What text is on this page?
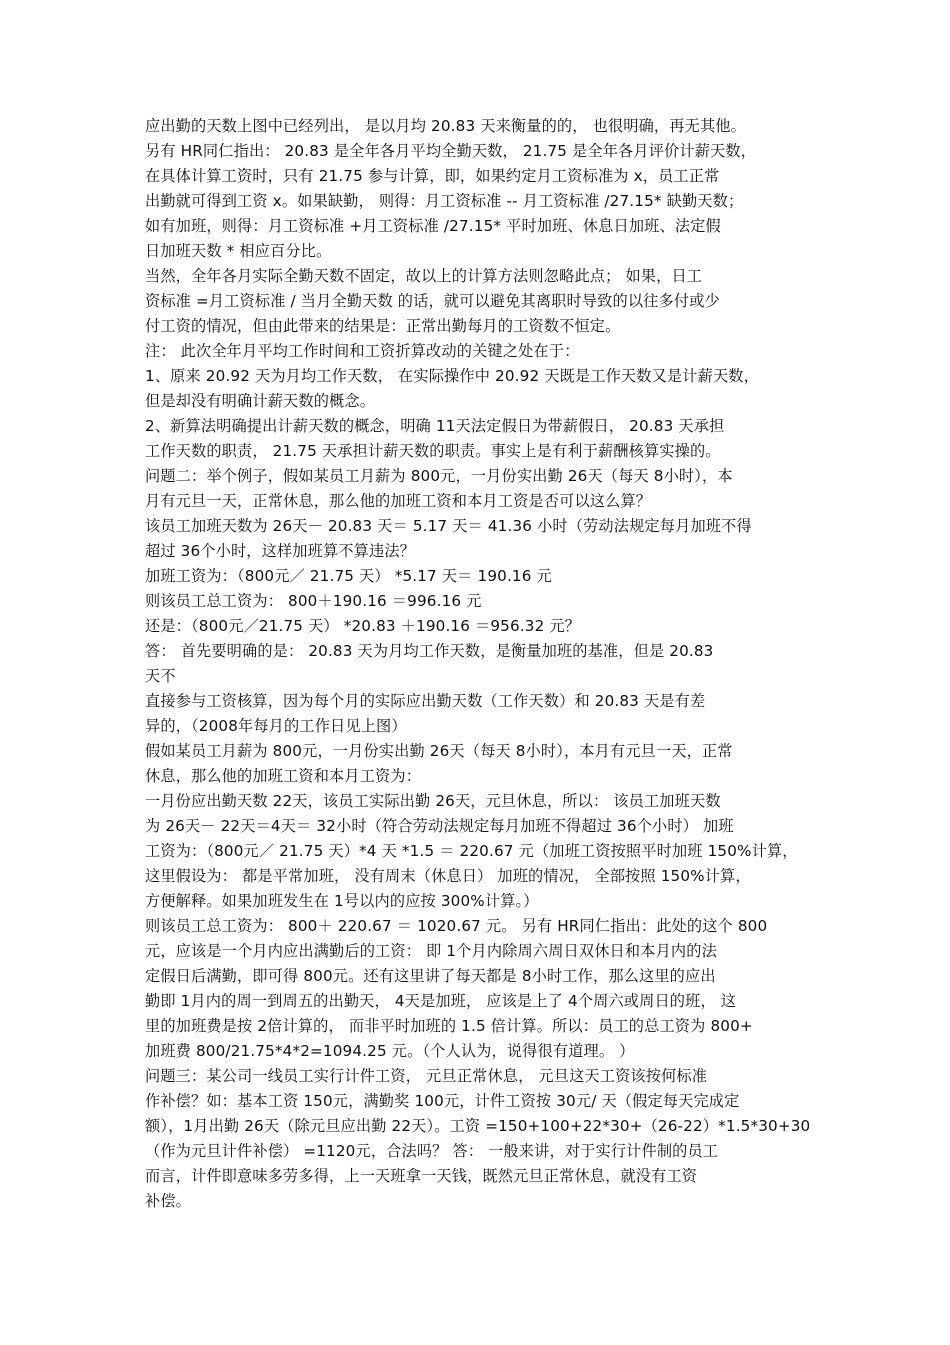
应出勤的天数上图中已经列出， 是以月均 20.83 天来衡量的的， 也很明确，再无其他。
另有 HR同仁指出： 20.83 是全年各月平均全勤天数， 21.75 是全年各月评价计薪天数，
在具体计算工资时，只有 21.75 参与计算，即，如果约定月工资标准为 x，员工正常
出勤就可得到工资 x。如果缺勤， 则得：月工资标准 -- 月工资标准 /27.15* 缺勤天数；
如有加班，则得：月工资标准 +月工资标准 /27.15* 平时加班、休息日加班、法定假
日加班天数 * 相应百分比。
当然，全年各月实际全勤天数不固定，故以上的计算方法则忽略此点； 如果，日工
资标准 =月工资标准 / 当月全勤天数 的话，就可以避免其离职时导致的以往多付或少
付工资的情况，但由此带来的结果是：正常出勤每月的工资数不恒定。
注： 此次全年月平均工作时间和工资折算改动的关键之处在于：
1、原来 20.92 天为月均工作天数， 在实际操作中 20.92 天既是工作天数又是计薪天数，
但是却没有明确计薪天数的概念。
2、新算法明确提出计薪天数的概念，明确 11天法定假日为带薪假日， 20.83 天承担
工作天数的职责， 21.75 天承担计薪天数的职责。事实上是有利于薪酬核算实操的。
问题二：举个例子，假如某员工月薪为 800元，一月份实出勤 26天（每天 8小时），本
月有元旦一天，正常休息，那么他的加班工资和本月工资是否可以这么算？
该员工加班天数为 26天－ 20.83 天＝ 5.17 天＝ 41.36 小时（劳动法规定每月加班不得
超过 36个小时，这样加班算不算违法？
加班工资为：（800元／ 21.75 天） *5.17 天＝ 190.16 元
则该员工总工资为： 800＋190.16 ＝996.16 元
还是：（800元／21.75 天） *20.83 ＋190.16 ＝956.32 元？
答： 首先要明确的是： 20.83 天为月均工作天数，是衡量加班的基准，但是 20.83
天不
直接参与工资核算，因为每个月的实际应出勤天数（工作天数）和 20.83 天是有差
异的，（2008年每月的工作日见上图）
假如某员工月薪为 800元，一月份实出勤 26天（每天 8小时），本月有元旦一天，正常
休息，那么他的加班工资和本月工资为：
一月份应出勤天数 22天，该员工实际出勤 26天，元旦休息，所以： 该员工加班天数
为 26天－ 22天＝4天＝ 32小时（符合劳动法规定每月加班不得超过 36个小时） 加班
工资为：（800元／ 21.75 天）*4 天 *1.5 ＝ 220.67 元（加班工资按照平时加班 150%计算，
这里假设为： 都是平常加班， 没有周末（休息日） 加班的情况， 全部按照 150%计算，
方便解释。如果加班发生在 1号以内的应按 300%计算。）
则该员工总工资为： 800＋ 220.67 ＝ 1020.67 元。 另有 HR同仁指出：此处的这个 800
元，应该是一个月内应出满勤后的工资： 即 1个月内除周六周日双休日和本月内的法
定假日后满勤，即可得 800元。还有这里讲了每天都是 8小时工作，那么这里的应出
勤即 1月内的周一到周五的出勤天， 4天是加班， 应该是上了 4个周六或周日的班， 这
里的加班费是按 2倍计算的， 而非平时加班的 1.5 倍计算。所以：员工的总工资为 800+
加班费 800/21.75*4*2=1094.25 元。（个人认为，说得很有道理。 ）
问题三：某公司一线员工实行计件工资， 元旦正常休息， 元旦这天工资该按何标准
作补偿？如：基本工资 150元，满勤奖 100元，计件工资按 30元/ 天（假定每天完成定
额），1月出勤 26天（除元旦应出勤 22天）。工资 =150+100+22*30+（26-22）*1.5*30+30
（作为元旦计件补偿） =1120元，合法吗？ 答： 一般来讲，对于实行计件制的员工
而言，计件即意味多劳多得，上一天班拿一天钱，既然元旦正常休息，就没有工资
补偿。
